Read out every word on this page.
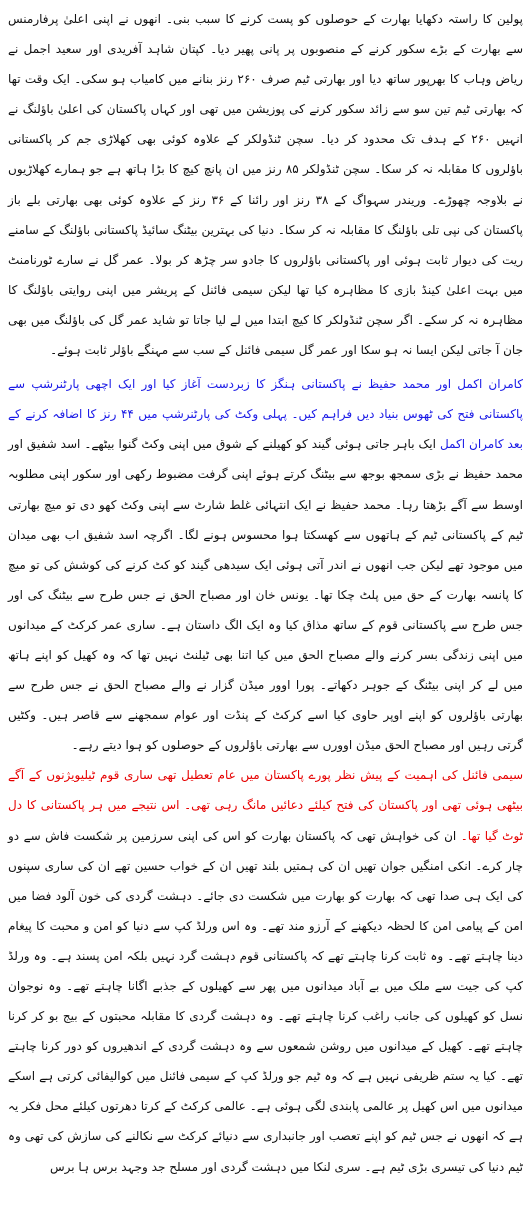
پولین کا راستہ دکھایا بھارت کے حوصلوں کو پست کرنے کا سبب بنی۔ انھوں نے اپنی اعلیٰ پرفارمنس سے بھارت کے بڑے سکور کرنے کے منصوبوں پر پانی پھیر دیا۔ کپتان شاہد آفریدی اور سعید اجمل نے ریاض وہاب کا بھرپور ساتھ دیا اور بھارتی ٹیم صرف ۲۶۰ رنز بنانے میں کامیاب ہو سکی۔ ایک وقت تھا کہ بھارتی ٹیم تین سو سے زائد سکور کرنے کی پوزیشن میں تھی اور کہاں پاکستان کی اعلیٰ باؤلنگ نے انہیں ۲۶۰ کے ہدف تک محدود کر دیا۔ سچن ٹنڈولکر کے علاوہ کوئی بھی کھلاڑی جم کر پاکستانی باؤلروں کا مقابلہ نہ کر سکا۔ سچن ٹنڈولکر ۸۵ رنز میں ان پانچ کیچ کا بڑا ہاتھ ہے جو ہمارے کھلاڑیوں نے بلاوجہ چھوڑے۔ وریندر سہواگ کے ۳۸ رنز اور رائنا کے ۳۶ رنز کے علاوہ کوئی بھی بھارتی بلے باز پاکستان کی نپی تلی باؤلنگ کا مقابلہ نہ کر سکا۔ دنیا کی بہترین بیٹنگ سائیڈ پاکستانی باؤلنگ کے سامنے ریت کی دیوار ثابت ہوئی اور پاکستانی باؤلروں کا جادو سر چڑھ کر بولا۔ عمر گل نے سارے ٹورنامنٹ میں بہت اعلیٰ کینڈ بازی کا مظاہرہ کیا تھا لیکن سیمی فائنل کے پریشر میں اپنی روایتی باؤلنگ کا مظاہرہ نہ کر سکے۔ اگر سچن ٹنڈولکر کا کیچ ابتدا میں لے لیا جاتا تو شاید عمر گل کی باؤلنگ میں بھی جان آ جاتی لیکن ایسا نہ ہو سکا اور عمر گل سیمی فائنل کے سب سے مہنگے باؤلر ثابت ہوئے۔

کامران اکمل اور محمد حفیظ نے پاکستانی ہنگز کا زبردست آغاز کیا اور ایک اچھی پارٹنرشپ سے پاکستانی فتح کی ٹھوس بنیاد دیں فراہم کیں۔ پہلی وکٹ کی پارٹنرشپ میں ۴۴ رنز کا اضافہ کرنے کے بعد کامران اکمل ایک باہر جاتی ہوئی گیند کو کھیلنے کے شوق میں اپنی وکٹ گنوا بیٹھے۔ اسد شفیق اور محمد حفیظ نے بڑی سمجھ بوجھ سے بیٹنگ کرتے ہوئے اپنی گرفت مضبوط رکھی اور سکور اپنی مطلوبہ اوسط سے آگے بڑھتا رہا۔ محمد حفیظ نے ایک انتہائی غلط شارٹ سے اپنی وکٹ کھو دی تو میچ بھارتی ٹیم کے پاکستانی ٹیم کے ہاتھوں سے کھسکتا ہوا محسوس ہونے لگا۔ اگرچہ اسد شفیق اب بھی میدان میں موجود تھے لیکن جب انھوں نے اندر آتی ہوئی ایک سیدھی گیند کو کٹ کرنے کی کوشش کی تو میچ کا پانسہ بھارت کے حق میں پلٹ چکا تھا۔ یونس خان اور مصباح الحق نے جس طرح سے بیٹنگ کی اور جس طرح سے پاکستانی قوم کے ساتھ مذاق کیا وہ ایک الگ داستان ہے۔ ساری عمر کرکٹ کے میدانوں میں اپنی زندگی بسر کرنے والے مصباح الحق میں کیا اتنا بھی ٹیلنٹ نہیں تھا کہ وہ کھیل کو اپنے ہاتھ میں لے کر اپنی بیٹنگ کے جوہر دکھاتے۔ پورا اوور میڈن گزار نے والے مصباح الحق نے جس طرح سے بھارتی باؤلروں کو اپنے اوپر حاوی کیا اسے کرکٹ کے پنڈت اور عوام سمجھنے سے قاصر ہیں۔ وکٹیں گرتی رہیں اور مصباح الحق میڈن اوورں سے بھارتی باؤلروں کے حوصلوں کو ہوا دیتے رہے۔

سیمی فائنل کی اہمیت کے پیش نظر پورے پاکستان میں عام تعطیل تھی ساری قوم ٹیلیویژنوں کے آگے بیٹھی ہوئی تھی اور پاکستان کی فتح کیلئے دعائیں مانگ رہی تھی۔ اس نتیجے میں ہر پاکستانی کا دل ٹوٹ گیا تھا۔ ان کی خواہش تھی کہ پاکستان بھارت کو اس کی اپنی سرزمین پر شکست فاش سے دو چار کرے۔ انکی امنگیں جوان تھیں ان کی ہمتیں بلند تھیں ان کے خواب حسین تھے ان کی ساری سپنوں کی ایک ہی صدا تھی کہ بھارت کو بھارت میں شکست دی جائے۔ دہشت گردی کی خون آلود فضا میں امن کے پیامی امن کا لحظہ دیکھنے کے آرزو مند تھے۔ وہ اس ورلڈ کپ سے دنیا کو امن و محبت کا پیغام دینا چاہتے تھے۔ وہ ثابت کرنا چاہتے تھے کہ پاکستانی قوم دہشت گرد نہیں بلکہ امن پسند ہے۔ وہ ورلڈ کپ کی جیت سے ملک میں بے آباد میدانوں میں پھر سے کھیلوں کے جذبے اگانا چاہتے تھے۔ وہ نوجوان نسل کو کھیلوں کی جانب راغب کرنا چاہتے تھے۔ وہ دہشت گردی کا مقابلہ محبتوں کے بیج بو کر کرنا چاہتے تھے۔ کھیل کے میدانوں میں روشن شمعوں سے وہ دہشت گردی کے اندھیروں کو دور کرنا چاہتے تھے۔ کیا یہ ستم ظریفی نہیں ہے کہ وہ ٹیم جو ورلڈ کپ کے سیمی فائنل میں کوالیفائی کرتی ہے اسکے میدانوں میں اس کھیل پر عالمی پابندی لگی ہوئی ہے۔ عالمی کرکٹ کے کرتا دھرتوں کیلئے محل فکر یہ ہے کہ انھوں نے جس ٹیم کو اپنے تعصب اور جانبداری سے دنیائے کرکٹ سے نکالنے کی سازش کی تھی وہ ٹیم دنیا کی تیسری بڑی ٹیم ہے۔ سری لنکا میں دہشت گردی اور مسلح جد وجہد برس ہا برس
